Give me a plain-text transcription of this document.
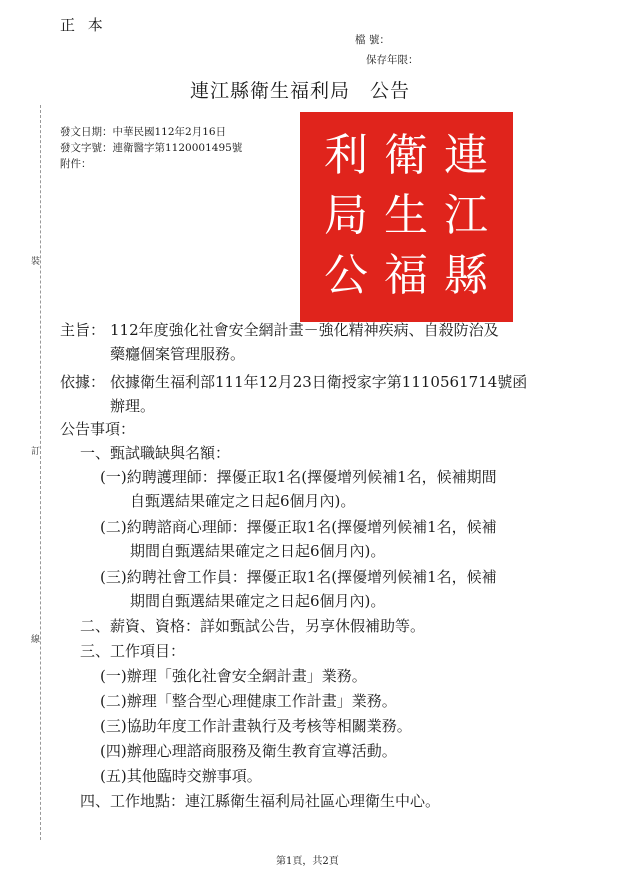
正 本
檔 號：
保存年限：
連江縣衛生福利局　公告
發文日期：中華民國112年2月16日
發文字號：連衛醫字第1120001495號
附件：
裝
訂
線
連
江
縣
衛
生
福
利
局
公
主旨： 112年度強化社會安全網計畫－強化精神疾病、自殺防治及
藥癮個案管理服務。
依據： 依據衛生福利部111年12月23日衛授家字第1110561714號函
辦理。
公告事項：
一、甄試職缺與名額：
(一)約聘護理師：擇優正取1名(擇優增列候補1名，候補期間
自甄選結果確定之日起6個月內)。
(二)約聘諮商心理師：擇優正取1名(擇優增列候補1名，候補
期間自甄選結果確定之日起6個月內)。
(三)約聘社會工作員：擇優正取1名(擇優增列候補1名，候補
期間自甄選結果確定之日起6個月內)。
二、薪資、資格：詳如甄試公告，另享休假補助等。
三、工作項目：
(一)辦理「強化社會安全網計畫」業務。
(二)辦理「整合型心理健康工作計畫」業務。
(三)協助年度工作計畫執行及考核等相關業務。
(四)辦理心理諮商服務及衛生教育宣導活動。
(五)其他臨時交辦事項。
四、工作地點：連江縣衛生福利局社區心理衛生中心。
第1頁，共2頁
